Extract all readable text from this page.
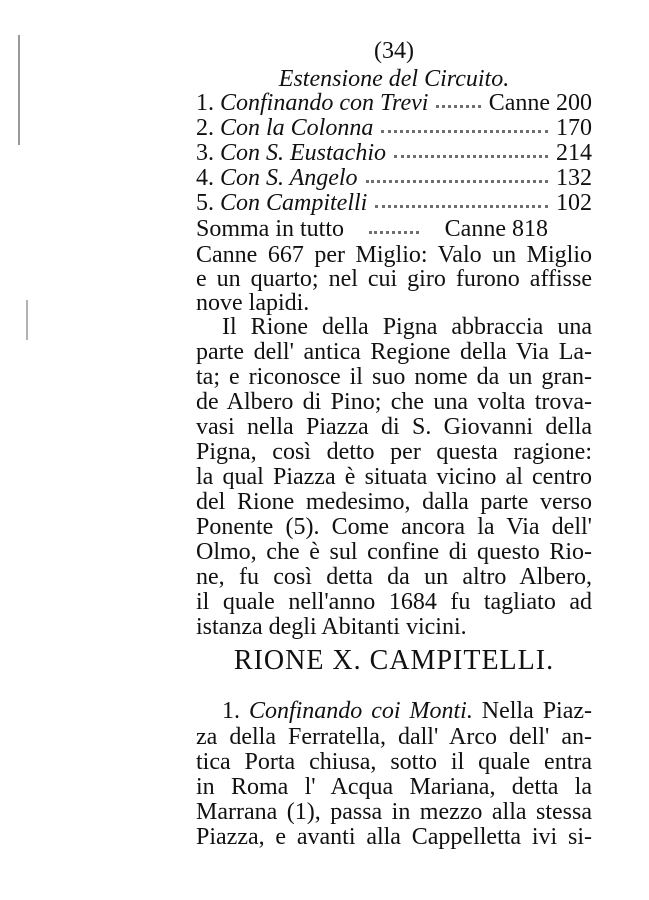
(34)
Estensione del Circuito.
1. Confinando con Trevi	Canne 200
2. Con la Colonna	170
3. Con S. Eustachio	214
4. Con S. Angelo	132
5. Con Campitelli	102
Somma in tutto	Canne 818
Canne 667 per Miglio: Valo un Miglio
e un quarto; nel cui giro furono affisse
nove lapidi.
Il Rione della Pigna abbraccia una
parte dell' antica Regione della Via La-
ta; e riconosce il suo nome da un gran-
de Albero di Pino; che una volta trova-
vasi nella Piazza di S. Giovanni della
Pigna, così detto per questa ragione:
la qual Piazza è situata vicino al centro
del Rione medesimo, dalla parte verso
Ponente (5). Come ancora la Via dell'
Olmo, che è sul confine di questo Rio-
ne, fu così detta da un altro Albero,
il quale nell'anno 1684 fu tagliato ad
istanza degli Abitanti vicini.
RIONE X. CAMPITELLI.
1. Confinando coi Monti. Nella Piaz-
za della Ferratella, dall' Arco dell' an-
tica Porta chiusa, sotto il quale entra
in Roma l' Acqua Mariana, detta la
Marrana (1), passa in mezzo alla stessa
Piazza, e avanti alla Cappelletta ivi si-
